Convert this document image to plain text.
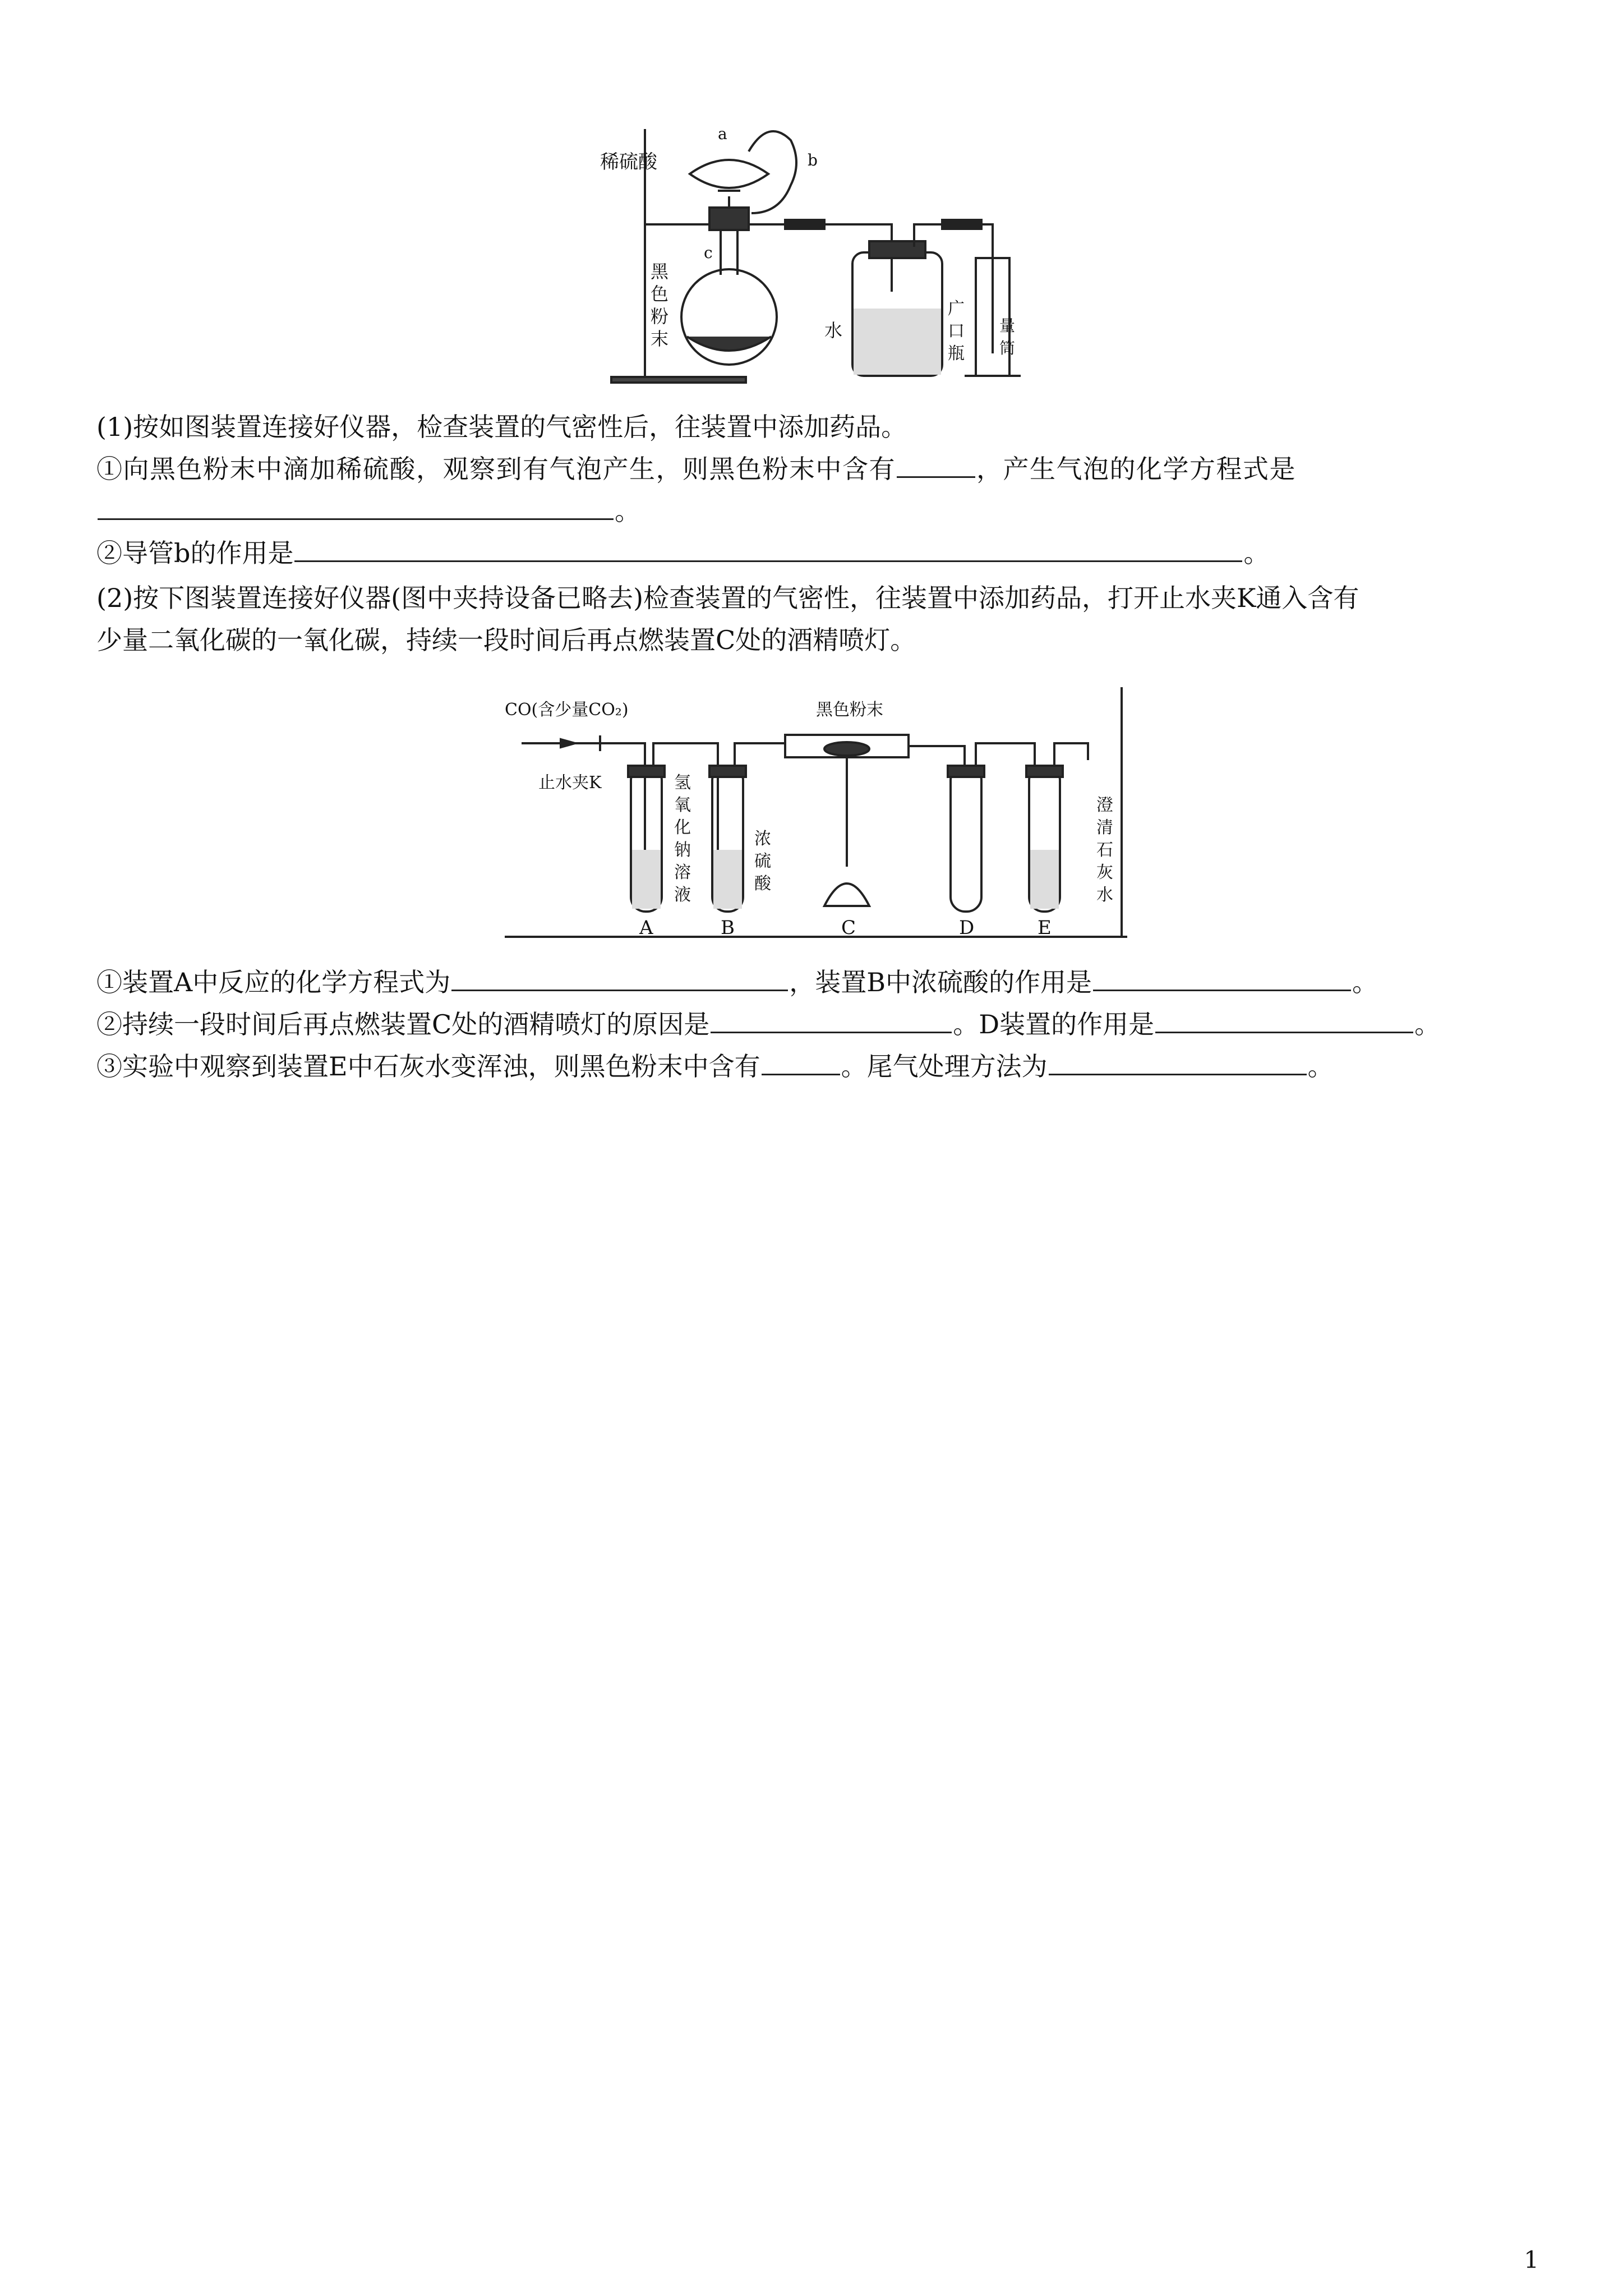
稀硫酸
a
b
c
黑
色
粉
末	水
广
口
瓶
量
筒
(1)按如图装置连接好仪器，检查装置的气密性后，往装置中添加药品。
①向黑色粉末中滴加稀硫酸，观察到有气泡产生，则黑色粉末中含有	，产生气泡的化学方程式是
。
②导管b的作用是	。
(2)按下图装置连接好仪器(图中夹持设备已略去)检查装置的气密性，往装置中添加药品，打开止水夹K通入含有
少量二氧化碳的一氧化碳，持续一段时间后再点燃装置C处的酒精喷灯。
CO(含少量CO₂)	黑色粉末
止水夹K	氢
氧
化
钠
溶
液
浓
硫
酸
澄
清
石
灰
水
A	B	C	D	E
①装置A中反应的化学方程式为	，装置B中浓硫酸的作用是	。
②持续一段时间后再点燃装置C处的酒精喷灯的原因是	。D装置的作用是	。
③实验中观察到装置E中石灰水变浑浊，则黑色粉末中含有	。尾气处理方法为	。
1
